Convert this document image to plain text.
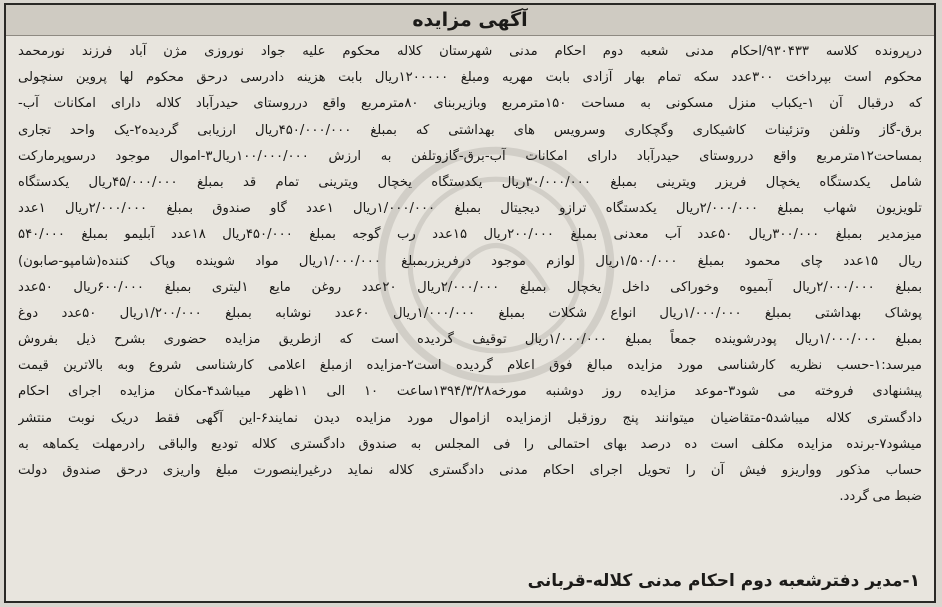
آگهی مزایده
درپرونده کلاسه ۹۳۰۴۳۳/احکام مدنی شعبه دوم احکام مدنی شهرستان کلاله محکوم علیه جواد نوروزی مژن آباد فرزند نورمحمد
محکوم است بپرداخت ۳۰۰عدد سکه تمام بهار آزادی بابت مهریه ومبلغ ۱۲۰۰۰۰۰ریال بابت هزینه دادرسی درحق محکوم لها پروین سنچولی
که درقبال آن ۱-یکباب منزل مسکونی به مساحت ۱۵۰مترمربع وبازیربنای ۸۰مترمربع واقع درروستای حیدرآباد کلاله دارای امکانات آب-
برق-گاز وتلفن وتزئینات کاشیکاری وگچکاری وسرویس های بهداشتی که بمبلغ ۴۵۰/۰۰۰/۰۰۰ریال ارزیابی گردیده۲-یک واحد تجاری
بمساحت۱۲مترمربع واقع درروستای حیدرآباد دارای امکانات آب-برق-گازوتلفن به ارزش ۱۰۰/۰۰۰/۰۰۰ریال۳-اموال موجود درسوپرمارکت
شامل یکدستگاه یخچال فریزر ویترینی بمبلغ ۳۰/۰۰۰/۰۰۰ریال یکدستگاه یخچال ویترینی تمام قد بمبلغ ۴۵/۰۰۰/۰۰۰ریال یکدستگاه
تلویزیون شهاب بمبلغ ۲/۰۰۰/۰۰۰ریال یکدستگاه ترازو دیجیتال بمبلغ ۱/۰۰۰/۰۰۰ریال ۱عدد گاو صندوق بمبلغ ۲/۰۰۰/۰۰۰ریال ۱عدد
میزمدیر بمبلغ ۳۰۰/۰۰۰ریال ۵۰عدد آب معدنی بمبلغ ۲۰۰/۰۰۰ریال ۱۵عدد رب گوجه بمبلغ ۴۵۰/۰۰۰ریال ۱۸عدد آبلیمو بمبلغ ۵۴۰/۰۰۰
ریال ۱۵عدد چای محمود بمبلغ ۱/۵۰۰/۰۰۰ریال لوازم موجود درفریزربمبلغ ۱/۰۰۰/۰۰۰ریال مواد شوینده وپاک کننده(شامپو-صابون)
بمبلغ ۲/۰۰۰/۰۰۰ریال آبمیوه وخوراکی داخل یخچال بمبلغ ۲/۰۰۰/۰۰۰ریال ۲۰عدد روغن مایع ۱لیتری بمبلغ ۶۰۰/۰۰۰ریال ۵۰عدد
پوشاک بهداشتی بمبلغ ۱/۰۰۰/۰۰۰ریال انواع شکلات بمبلغ ۱/۰۰۰/۰۰۰ریال ۶۰عدد نوشابه بمبلغ ۱/۲۰۰/۰۰۰ریال ۵۰عدد دوغ
بمبلغ ۱/۰۰۰/۰۰۰ریال پودرشوینده جمعاً بمبلغ ۱/۰۰۰/۰۰۰ریال توقیف گردیده است که ازطریق مزایده حضوری بشرح ذیل بفروش
میرسد:۱-حسب نظریه کارشناسی مورد مزایده مبالغ فوق اعلام گردیده است۲-مزایده ازمبلغ اعلامی کارشناسی شروع وبه بالاترین قیمت
پیشنهادی فروخته می شود۳-موعد مزایده روز دوشنبه مورخه۱۳۹۴/۳/۲۸ساعت ۱۰ الی ۱۱ظهر میباشد۴-مکان مزایده اجرای احکام
دادگستری کلاله میباشد۵-متقاضیان میتوانند پنج روزقبل ازمزایده ازاموال مورد مزایده دیدن نمایند۶-این آگهی فقط دریک نوبت منتشر
میشود۷-برنده مزایده مکلف است ده درصد بهای احتمالی را فی المجلس به صندوق دادگستری کلاله تودیع والباقی رادرمهلت یکماهه به
حساب مذکور وواریزو فیش آن را تحویل اجرای احکام مدنی دادگستری کلاله نماید درغیراینصورت مبلغ واریزی درحق صندوق دولت
ضبط می گردد.
۱-مدیر دفترشعبه دوم احکام مدنی کلاله-قربانی
